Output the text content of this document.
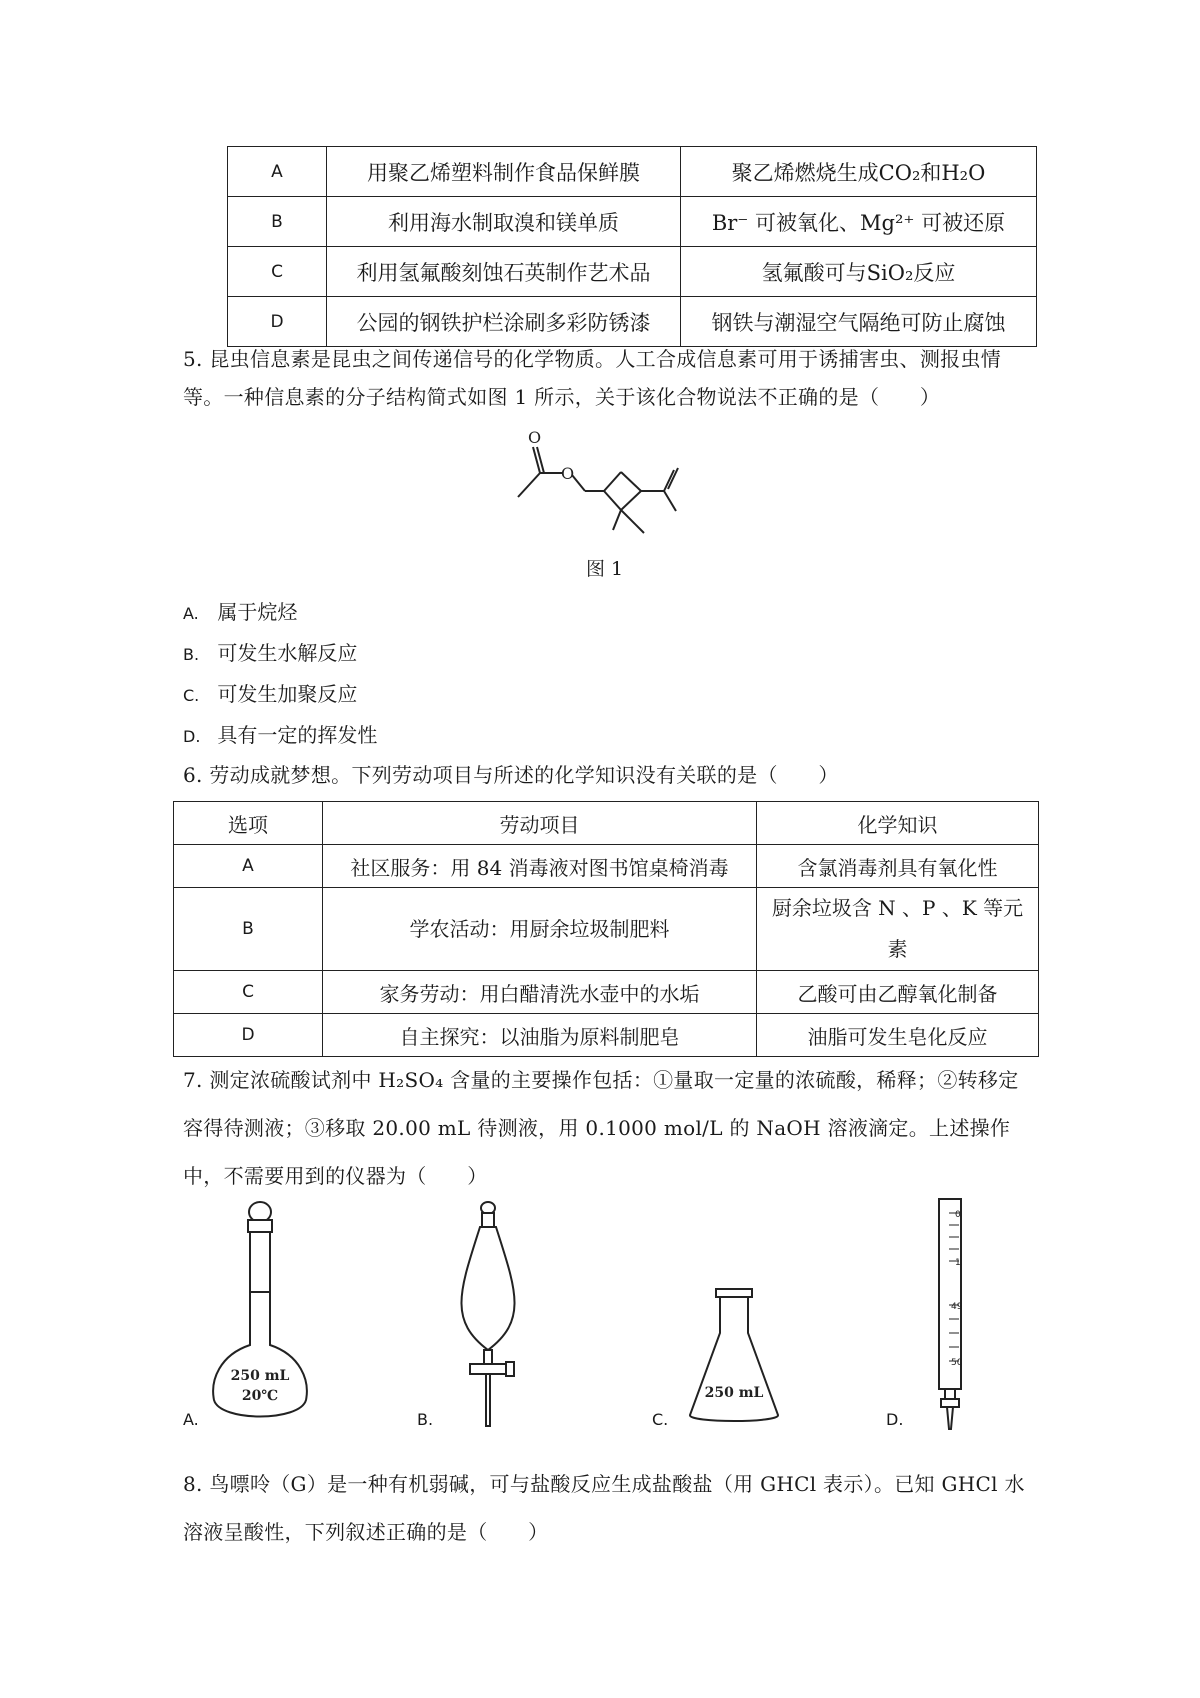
A	用聚乙烯塑料制作食品保鲜膜	聚乙烯燃烧生成CO₂和H₂O
B	利用海水制取溴和镁单质	Br⁻ 可被氧化、Mg²⁺ 可被还原
C	利用氢氟酸刻蚀石英制作艺术品	氢氟酸可与SiO₂反应
D	公园的钢铁护栏涂刷多彩防锈漆	钢铁与潮湿空气隔绝可防止腐蚀
5. 昆虫信息素是昆虫之间传递信号的化学物质。人工合成信息素可用于诱捕害虫、测报虫情等。一种信息素的分子结构简式如图 1 所示，关于该化合物说法不正确的是（　　）
O
O
图 1
A. 属于烷烃
B. 可发生水解反应
C. 可发生加聚反应
D. 具有一定的挥发性
6. 劳动成就梦想。下列劳动项目与所述的化学知识没有关联的是（　　）
选项	劳动项目	化学知识
A	社区服务：用 84 消毒液对图书馆桌椅消毒	含氯消毒剂具有氧化性
B	学农活动：用厨余垃圾制肥料	厨余垃圾含 N 、P 、K 等元素
C	家务劳动：用白醋清洗水壶中的水垢	乙酸可由乙醇氧化制备
D	自主探究：以油脂为原料制肥皂	油脂可发生皂化反应
7. 测定浓硫酸试剂中 H₂SO₄ 含量的主要操作包括：①量取一定量的浓硫酸，稀释；②转移定容得待测液；③移取 20.00 mL 待测液，用 0.1000 mol/L 的 NaOH 溶液滴定。上述操作中，不需要用到的仪器为（　　）
250 mL
20℃	250 mL
0
1
49
50
A.	B.	C.	D.
8. 鸟嘌呤（G）是一种有机弱碱，可与盐酸反应生成盐酸盐（用 GHCl 表示）。已知 GHCl 水溶液呈酸性，下列叙述正确的是（　　）
